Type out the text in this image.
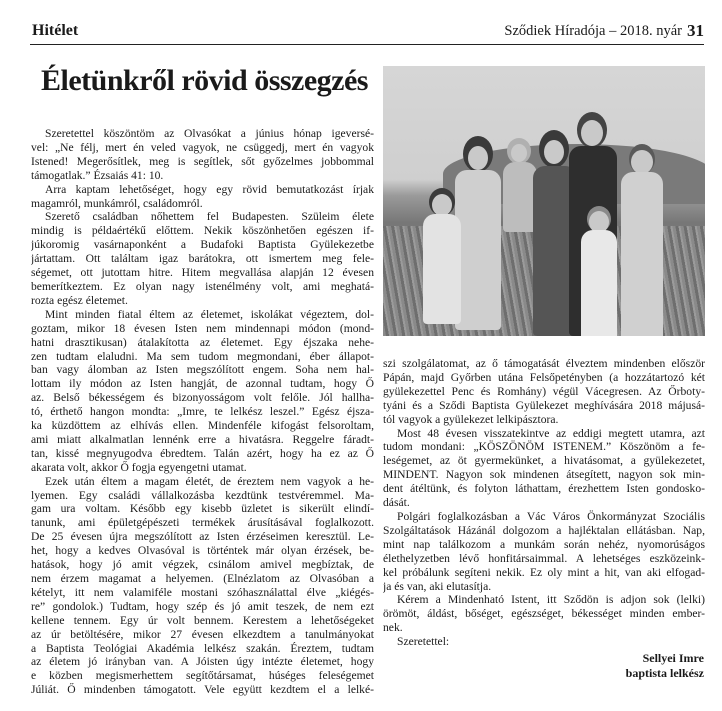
Hitélet	Sződiek Híradója – 2018. nyár 31
Életünkről rövid összegzés
Szeretettel köszöntöm az Olvasókat a június hónap igeversé-
vel: „Ne félj, mert én veled vagyok, ne csüggedj, mert én vagyok
Istened! Megerősítlek, meg is segítlek, sőt győzelmes jobbommal
támogatlak.” Ézsaiás 41: 10.
Arra kaptam lehetőséget, hogy egy rövid bemutatkozást írjak
magamról, munkámról, családomról.
Szerető családban nőhettem fel Budapesten. Szüleim élete
mindig is példaértékű előttem. Nekik köszönhetően egészen if-
júkoromig vasárnaponként a Budafoki Baptista Gyülekezetbe
jártattam. Ott találtam igaz barátokra, ott ismertem meg fele-
ségemet, ott jutottam hitre. Hitem megvallása alapján 12 évesen
bemerítkeztem. Ez olyan nagy istenélmény volt, ami meghatá-
rozta egész életemet.
Mint minden fiatal éltem az életemet, iskolákat végeztem, dol-
goztam, mikor 18 évesen Isten nem mindennapi módon (mond-
hatni drasztikusan) átalakította az életemet. Egy éjszaka nehe-
zen tudtam elaludni. Ma sem tudom megmondani, éber állapot-
ban vagy álomban az Isten megszólított engem. Soha nem hal-
lottam ily módon az Isten hangját, de azonnal tudtam, hogy Ő
az. Belső békességem és bizonyosságom volt felőle. Jól hallha-
tó, érthető hangon mondta: „Imre, te lelkész leszel.” Egész éjsza-
ka küzdöttem az elhívás ellen. Mindenféle kifogást felsoroltam,
ami miatt alkalmatlan lennénk erre a hivatásra. Reggelre fáradt-
tan, kissé megnyugodva ébredtem. Talán azért, hogy ha ez az Ő
akarata volt, akkor Ő fogja egyengetni utamat.
Ezek után éltem a magam életét, de éreztem nem vagyok a he-
lyemen. Egy családi vállalkozásba kezdtünk testvéremmel. Ma-
gam ura voltam. Később egy kisebb üzletet is sikerült elindí-
tanunk, ami épületgépészeti termékek árusításával foglalkozott.
De 25 évesen újra megszólított az Isten érzéseimen keresztül. Le-
het, hogy a kedves Olvasóval is történtek már olyan érzések, be-
hatások, hogy jó amit végzek, csinálom amivel megbíztak, de
nem érzem magamat a helyemen. (Elnézlatom az Olvasóban a
kételyt, itt nem valamiféle mostani szóhasználattal élve „kiégés-
re” gondolok.) Tudtam, hogy szép és jó amit teszek, de nem ezt
kellene tennem. Egy úr volt bennem. Kerestem a lehetőségeket
az úr betöltésére, mikor 27 évesen elkezdtem a tanulmányokat
a Baptista Teológiai Akadémia lelkész szakán. Éreztem, tudtam
az életem jó irányban van. A Jóisten úgy intézte életemet, hogy
e közben megismerhettem segítőtársamat, húséges feleségemet
Júliát. Ő mindenben támogatott. Vele együtt kezdtem el a lelké-
szi szolgálatomat, az ő támogatását élveztem mindenben először
Pápán, majd Győrben utána Felsőpetényben (a hozzátartozó két
gyülekezettel Penc és Romhány) végül Vácegresen. Az Őrboty-
tyáni és a Sződi Baptista Gyülekezet meghívására 2018 májusá-
tól vagyok a gyülekezet lelkipásztora.
Most 48 évesen visszatekintve az eddigi megtett utamra, azt
tudom mondani: „KÖSZÖNÖM ISTENEM.” Köszönöm a fe-
leségemet, az öt gyermekünket, a hivatásomat, a gyülekezetet,
MINDENT. Nagyon sok mindenen átsegített, nagyon sok min-
dent átéltünk, és folyton láthattam, érezhettem Isten gondosko-
dását.
Polgári foglalkozásban a Vác Város Önkormányzat Szociális
Szolgáltatások Házánál dolgozom a hajléktalan ellátásban. Nap,
mint nap találkozom a munkám során nehéz, nyomorúságos
élethelyzetben lévő honfitársaimmal. A lehetséges eszközeink-
kel próbálunk segíteni nekik. Ez oly mint a hit, van aki elfogad-
ja és van, aki elutasítja.
Kérem a Mindenható Istent, itt Sződön is adjon sok (lelki)
örömöt, áldást, bőséget, egészséget, békességet minden ember-
nek.
Szeretettel:
Sellyei Imre
baptista lelkész
